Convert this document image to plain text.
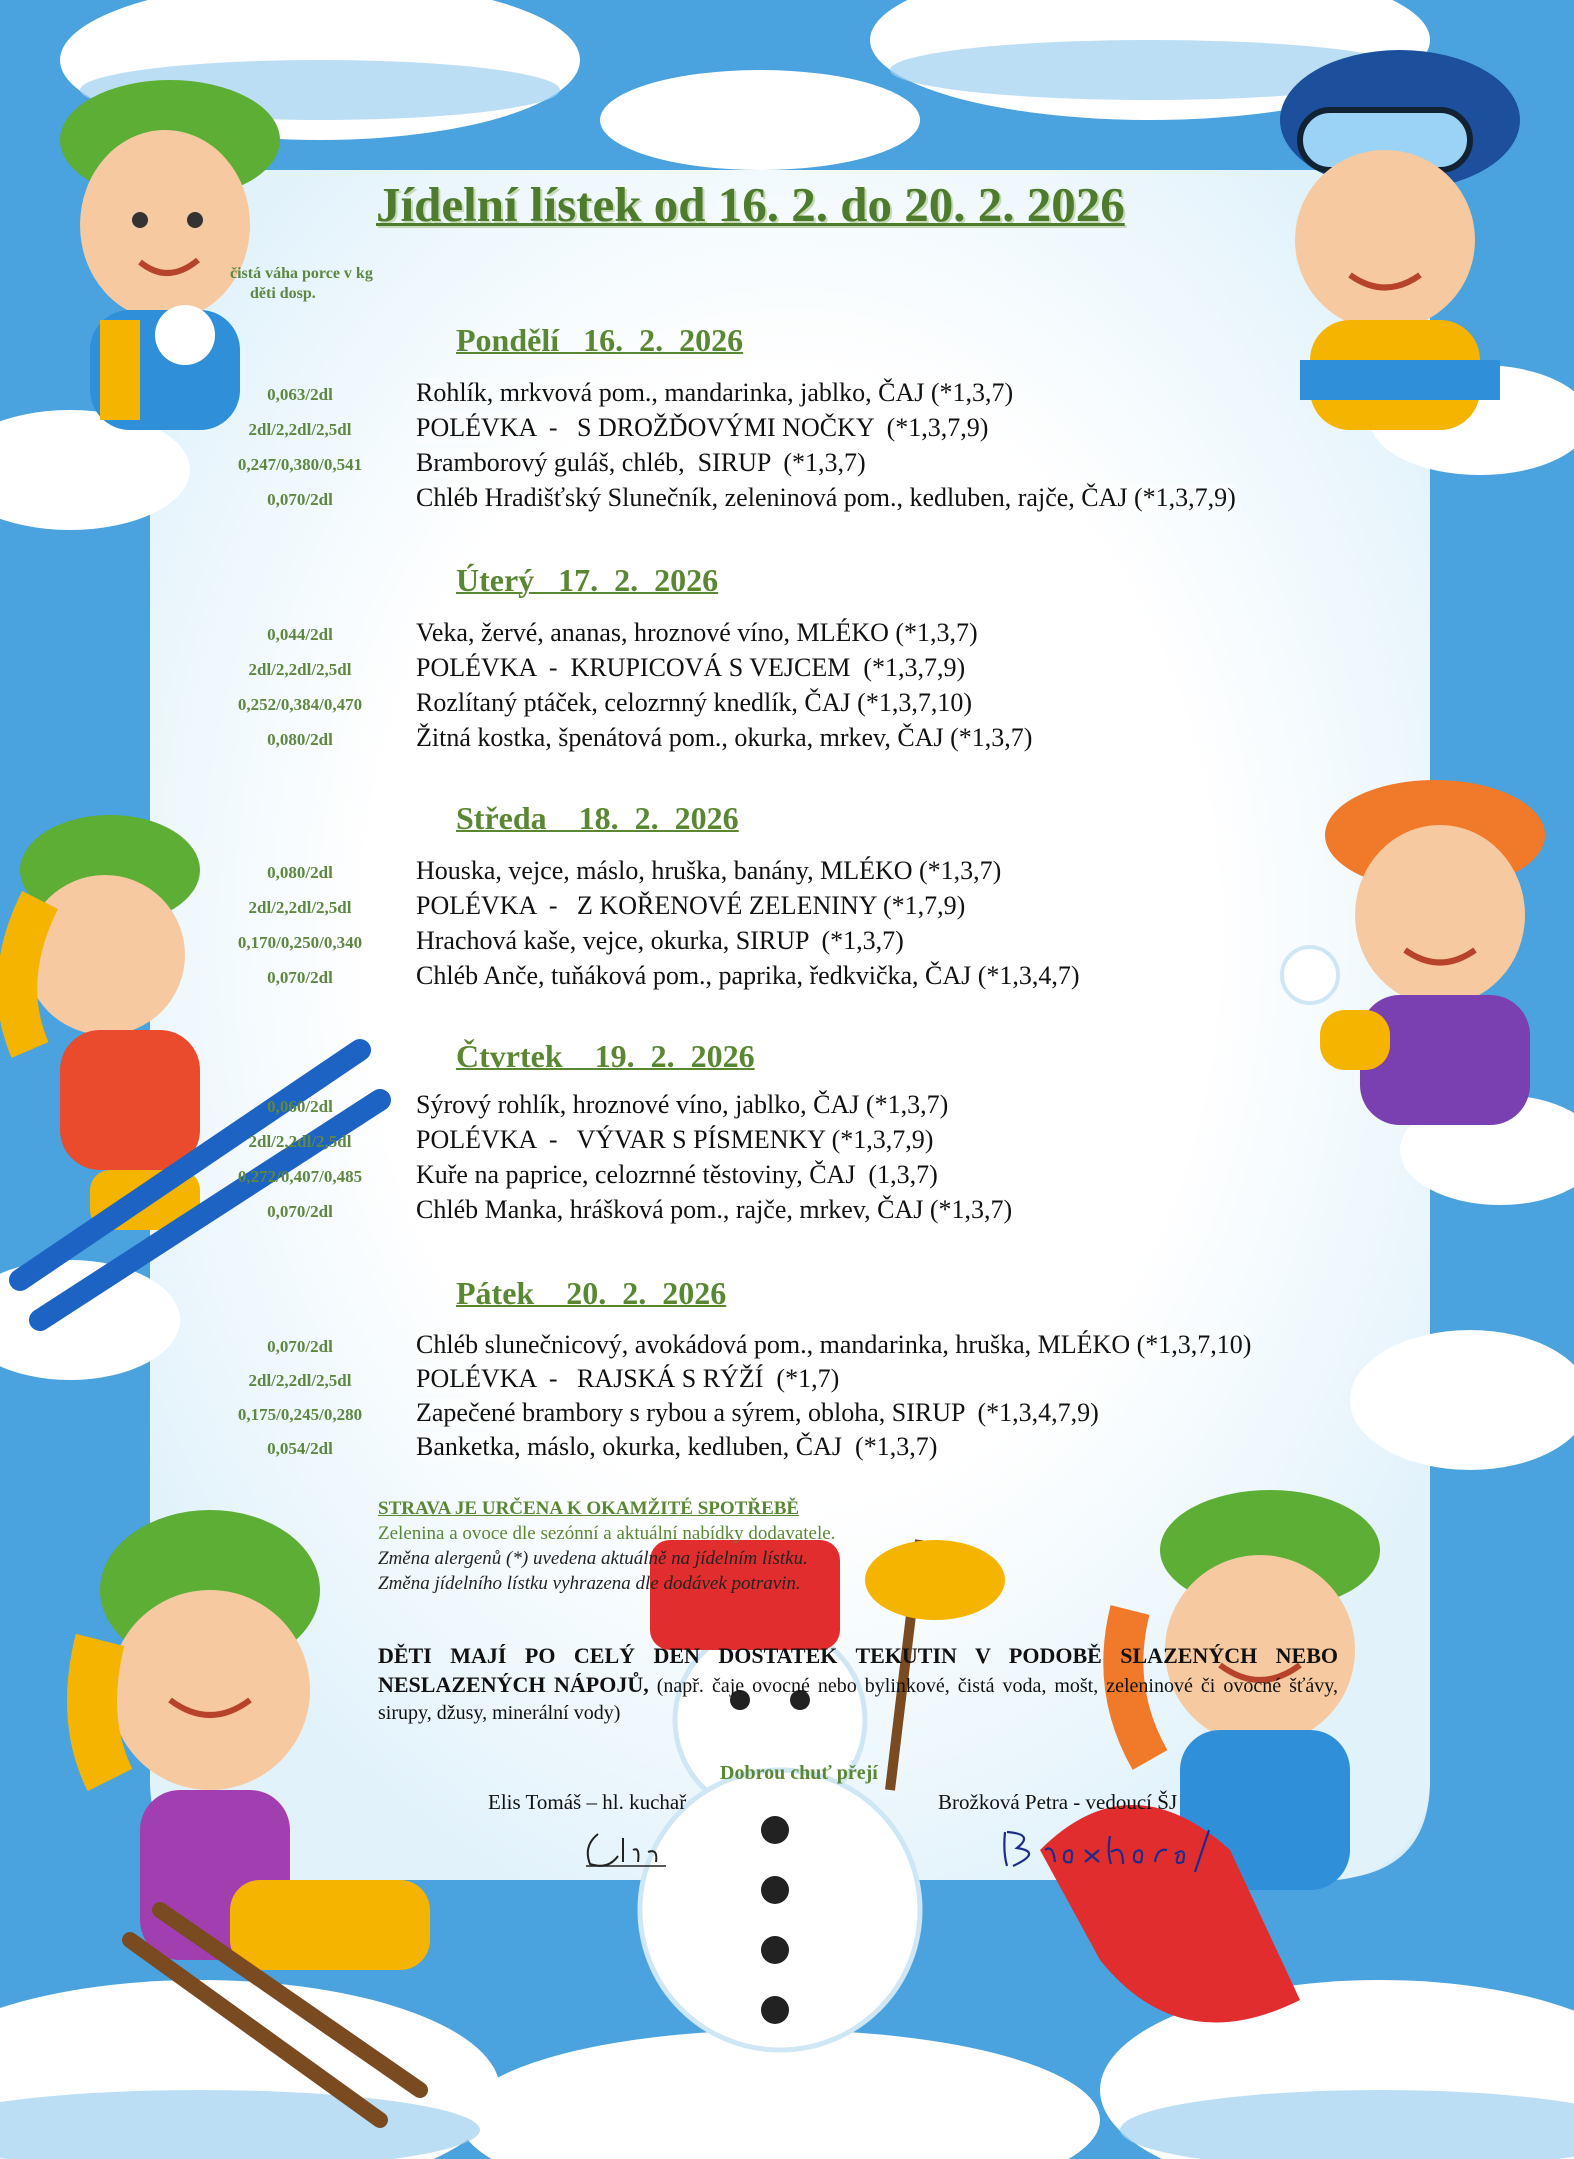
Jídelní lístek od 16. 2. do 20. 2. 2026
čistá váha porce v kg
děti dosp.
Pondělí   16.  2.  2026
0,063/2dl	Rohlík, mrkvová pom., mandarinka, jablko, ČAJ (*1,3,7)
2dl/2,2dl/2,5dl	POLÉVKA  -   S DROŽĎOVÝMI NOČKY  (*1,3,7,9)
0,247/0,380/0,541	Bramborový guláš, chléb,  SIRUP  (*1,3,7)
0,070/2dl	Chléb Hradišťský Slunečník, zeleninová pom., kedluben, rajče, ČAJ (*1,3,7,9)
Úterý   17.  2.  2026
0,044/2dl	Veka, žervé, ananas, hroznové víno, MLÉKO (*1,3,7)
2dl/2,2dl/2,5dl	POLÉVKA  -  KRUPICOVÁ S VEJCEM  (*1,3,7,9)
0,252/0,384/0,470	Rozlítaný ptáček, celozrnný knedlík, ČAJ (*1,3,7,10)
0,080/2dl	Žitná kostka, špenátová pom., okurka, mrkev, ČAJ (*1,3,7)
Středa    18.  2.  2026
0,080/2dl	Houska, vejce, máslo, hruška, banány, MLÉKO (*1,3,7)
2dl/2,2dl/2,5dl	POLÉVKA  -   Z KOŘENOVÉ ZELENINY (*1,7,9)
0,170/0,250/0,340	Hrachová kaše, vejce, okurka, SIRUP  (*1,3,7)
0,070/2dl	Chléb Anče, tuňáková pom., paprika, ředkvička, ČAJ (*1,3,4,7)
Čtvrtek    19.  2.  2026
0,060/2dl	Sýrový rohlík, hroznové víno, jablko, ČAJ (*1,3,7)
2dl/2,2dl/2,5dl	POLÉVKA  -   VÝVAR S PÍSMENKY (*1,3,7,9)
0,272/0,407/0,485	Kuře na paprice, celozrnné těstoviny, ČAJ  (1,3,7)
0,070/2dl	Chléb Manka, hrášková pom., rajče, mrkev, ČAJ (*1,3,7)
Pátek    20.  2.  2026
0,070/2dl	Chléb slunečnicový, avokádová pom., mandarinka, hruška, MLÉKO (*1,3,7,10)
2dl/2,2dl/2,5dl	POLÉVKA  -   RAJSKÁ S RÝŽÍ  (*1,7)
0,175/0,245/0,280	Zapečené brambory s rybou a sýrem, obloha, SIRUP  (*1,3,4,7,9)
0,054/2dl	Banketka, máslo, okurka, kedluben, ČAJ  (*1,3,7)
STRAVA JE URČENA K OKAMŽITÉ SPOTŘEBĚ
Zelenina a ovoce dle sezónní a aktuální nabídky dodavatele.
Změna alergenů (*) uvedena aktuálně na jídelním lístku.
Změna jídelního lístku vyhrazena dle dodávek potravin.
DĚTI MAJÍ PO CELÝ DEN DOSTATEK TEKUTIN V PODOBĚ SLAZENÝCH NEBO NESLAZENÝCH NÁPOJŮ, (např. čaje ovocné nebo bylinkové, čistá voda, mošt, zeleninové či ovocné šťávy, sirupy, džusy, minerální vody)
Dobrou chuť přejí
Elis Tomáš – hl. kuchař	Brožková Petra - vedoucí ŠJ
